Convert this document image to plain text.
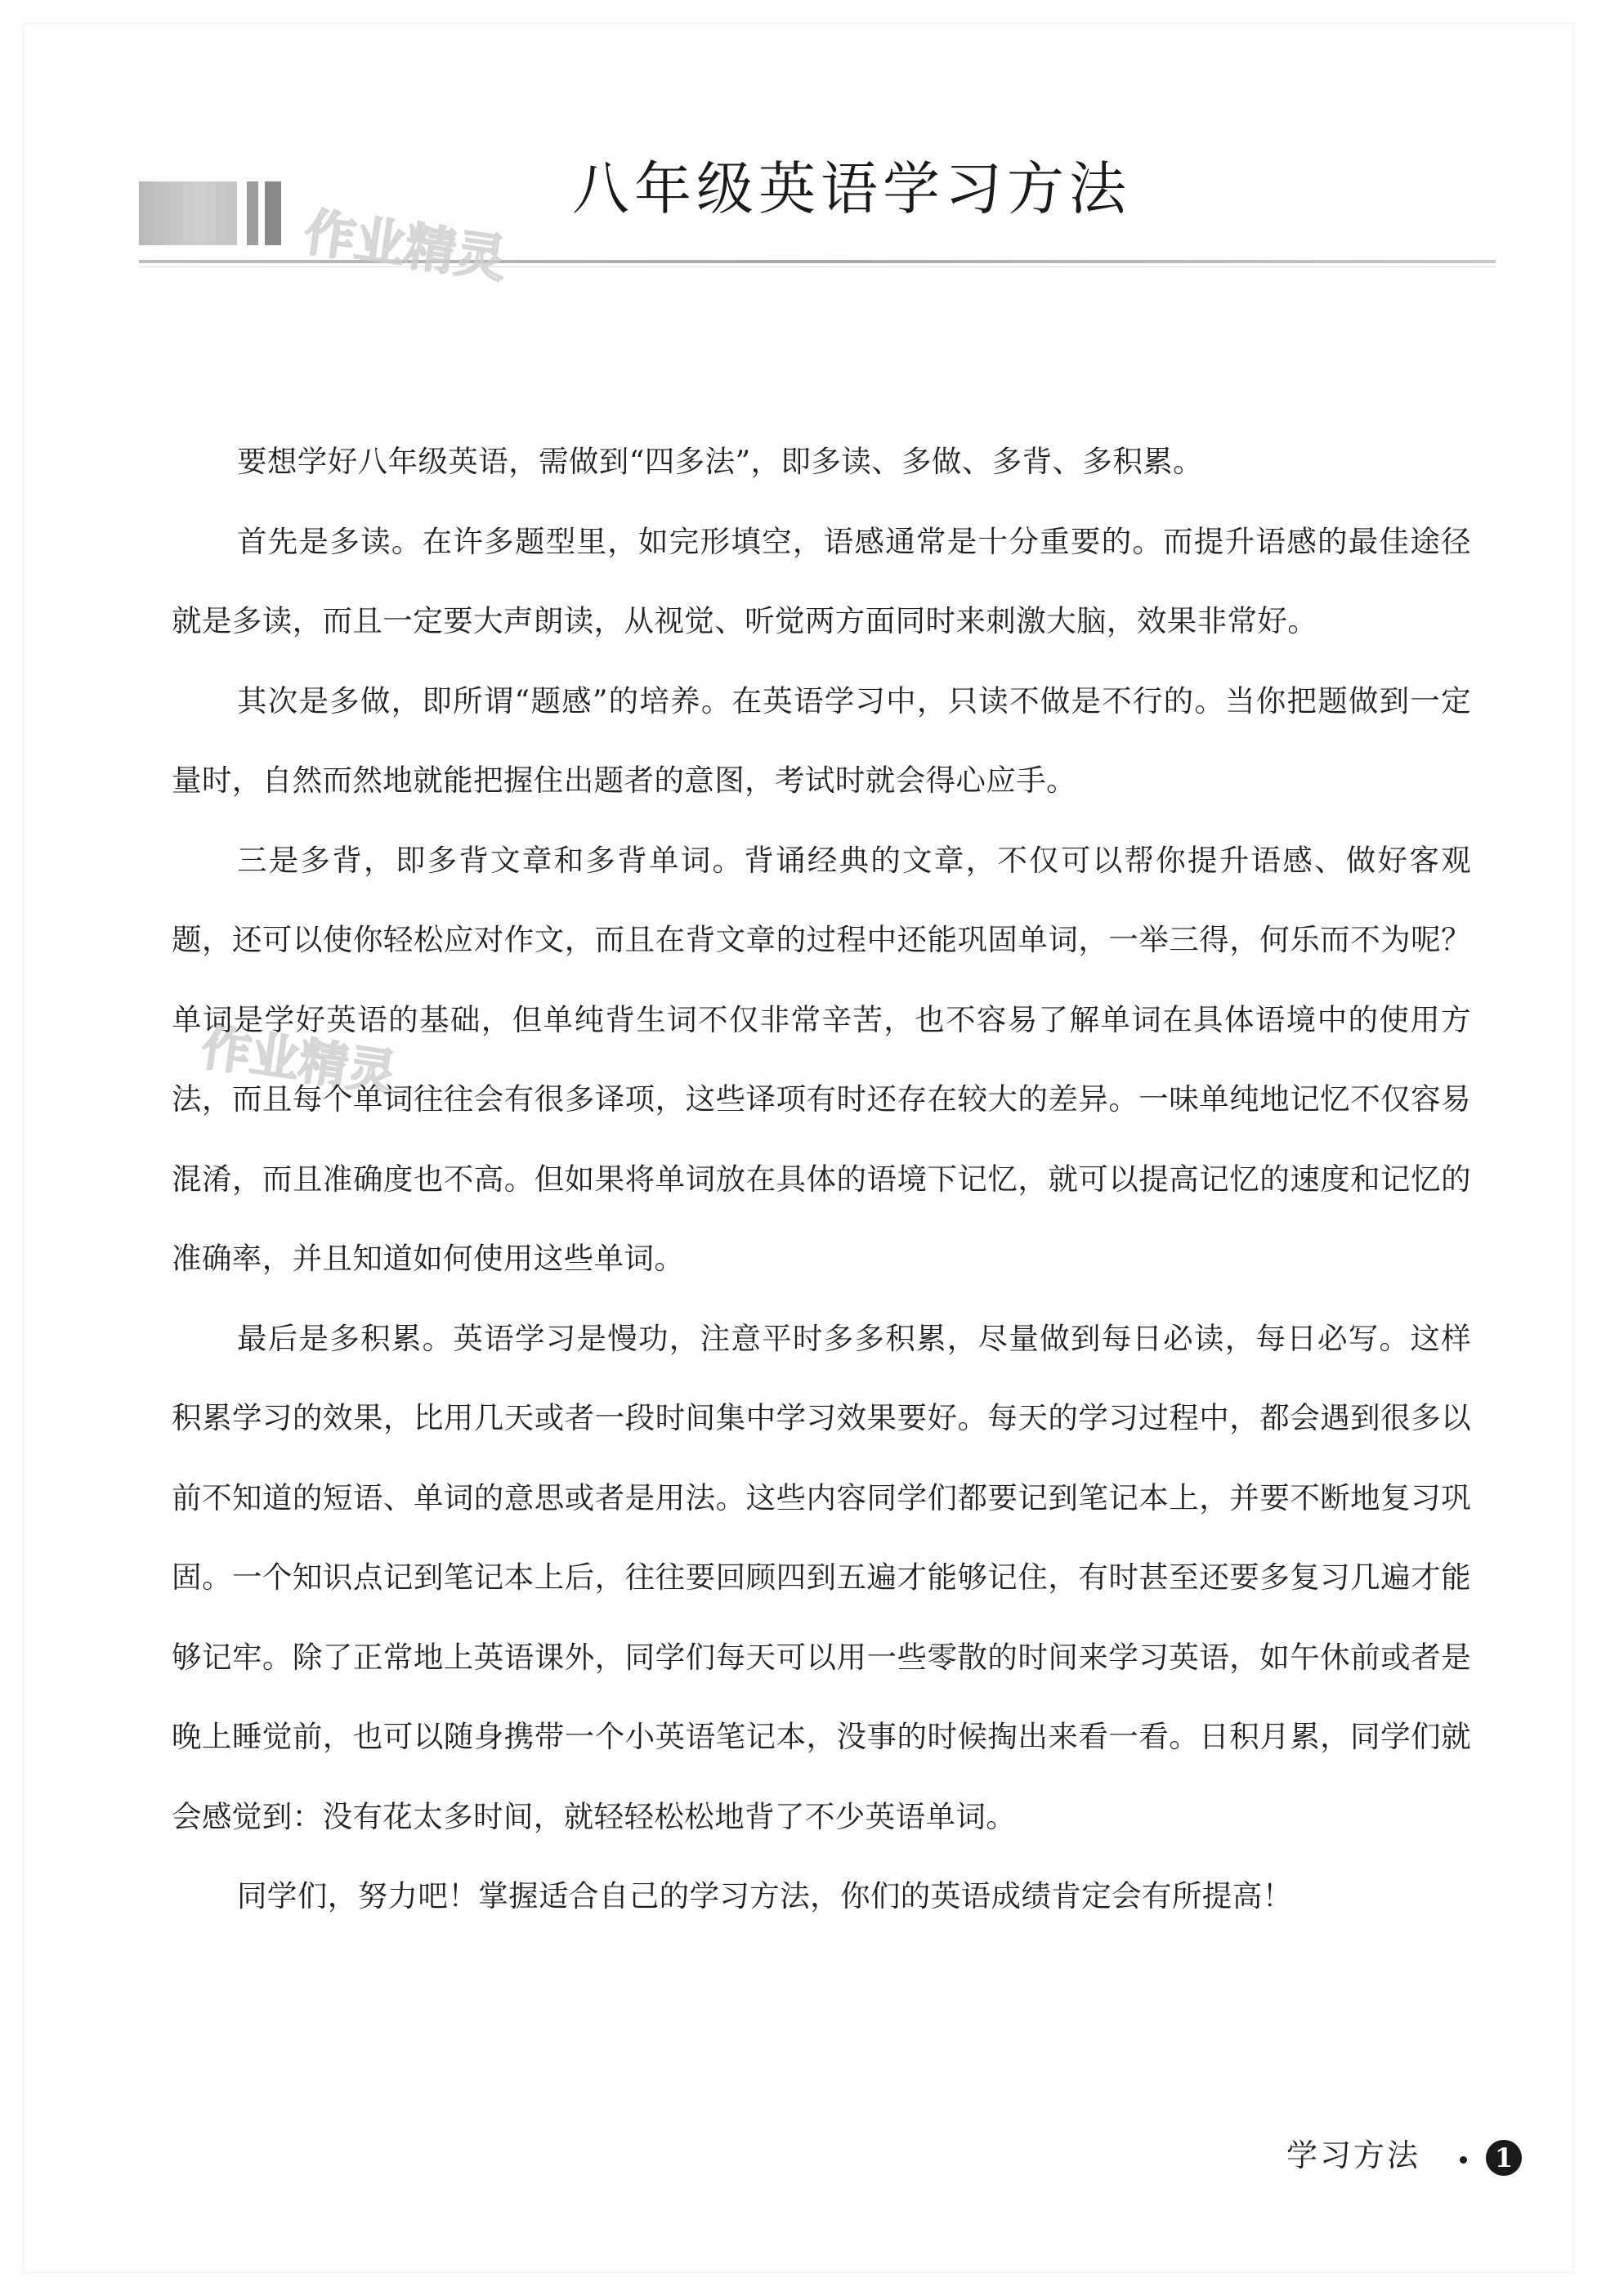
八年级英语学习方法
作业精灵
作业精灵

要想学好八年级英语，需做到“四多法”，即多读、多做、多背、多积累。

首先是多读。在许多题型里，如完形填空，语感通常是十分重要的。而提升语感的最佳途径就是多读，而且一定要大声朗读，从视觉、听觉两方面同时来刺激大脑，效果非常好。

其次是多做，即所谓“题感”的培养。在英语学习中，只读不做是不行的。当你把题做到一定量时，自然而然地就能把握住出题者的意图，考试时就会得心应手。

三是多背，即多背文章和多背单词。背诵经典的文章，不仅可以帮你提升语感、做好客观题，还可以使你轻松应对作文，而且在背文章的过程中还能巩固单词，一举三得，何乐而不为呢？单词是学好英语的基础，但单纯背生词不仅非常辛苦，也不容易了解单词在具体语境中的使用方法，而且每个单词往往会有很多译项，这些译项有时还存在较大的差异。一味单纯地记忆不仅容易混淆，而且准确度也不高。但如果将单词放在具体的语境下记忆，就可以提高记忆的速度和记忆的准确率，并且知道如何使用这些单词。

最后是多积累。英语学习是慢功，注意平时多多积累，尽量做到每日必读，每日必写。这样积累学习的效果，比用几天或者一段时间集中学习效果要好。每天的学习过程中，都会遇到很多以前不知道的短语、单词的意思或者是用法。这些内容同学们都要记到笔记本上，并要不断地复习巩固。一个知识点记到笔记本上后，往往要回顾四到五遍才能够记住，有时甚至还要多复习几遍才能够记牢。除了正常地上英语课外，同学们每天可以用一些零散的时间来学习英语，如午休前或者是晚上睡觉前，也可以随身携带一个小英语笔记本，没事的时候掏出来看一看。日积月累，同学们就会感觉到：没有花太多时间，就轻轻松松地背了不少英语单词。

同学们，努力吧！掌握适合自己的学习方法，你们的英语成绩肯定会有所提高！

学习方法	1
